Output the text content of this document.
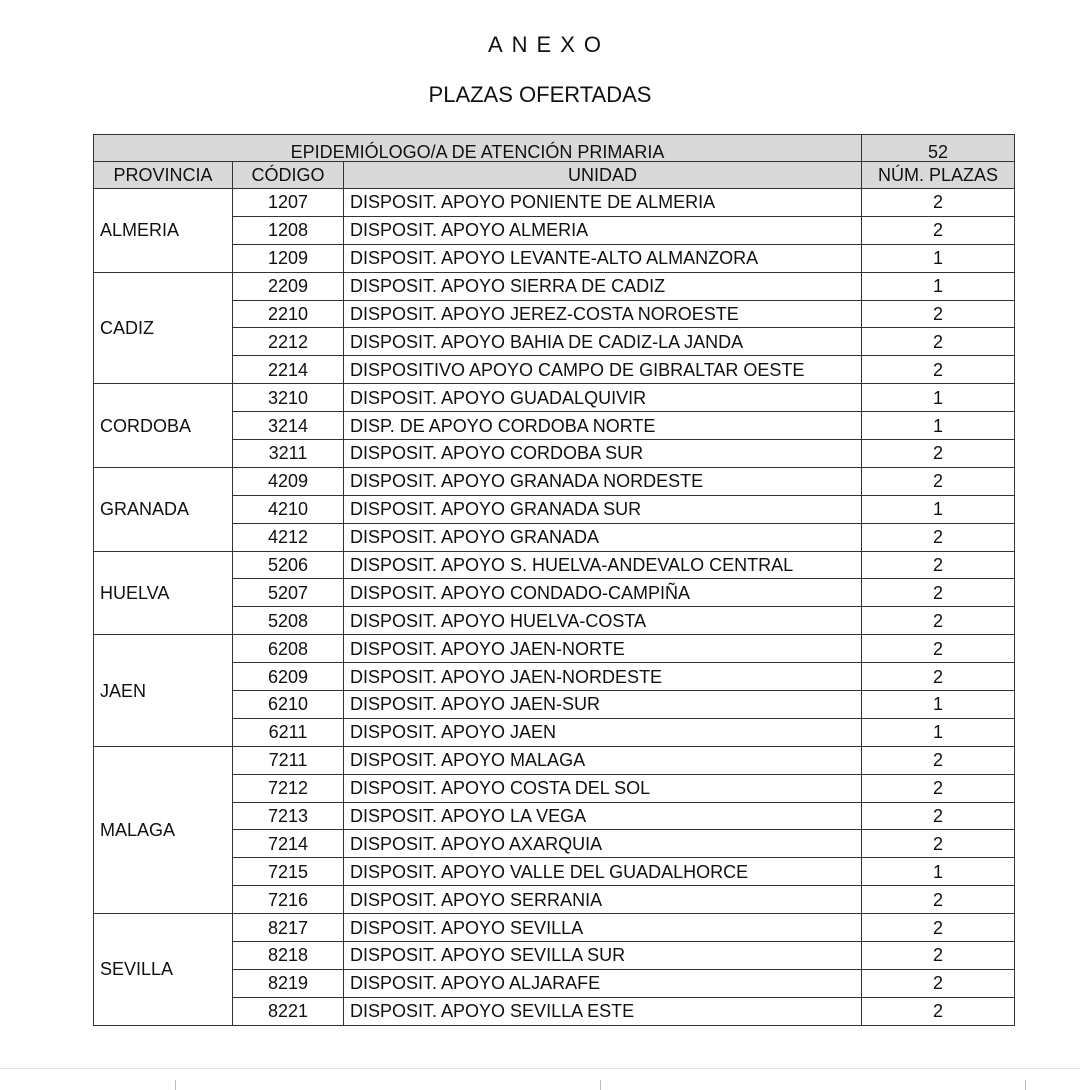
ANEXO
PLAZAS OFERTADAS
EPIDEMIÓLOGO/A DE ATENCIÓN PRIMARIA			52

PROVINCIA	CÓDIGO	UNIDAD	NÚM. PLAZAS
ALMERIA	1207	DISPOSIT. APOYO PONIENTE DE ALMERIA	2
	1208	DISPOSIT. APOYO ALMERIA	2
	1209	DISPOSIT. APOYO LEVANTE-ALTO ALMANZORA	1
CADIZ	2209	DISPOSIT. APOYO SIERRA DE CADIZ	1
	2210	DISPOSIT. APOYO JEREZ-COSTA NOROESTE	2
	2212	DISPOSIT. APOYO BAHIA DE CADIZ-LA JANDA	2
	2214	DISPOSITIVO APOYO CAMPO DE GIBRALTAR OESTE	2
CORDOBA	3210	DISPOSIT. APOYO GUADALQUIVIR	1
	3214	DISP. DE APOYO CORDOBA NORTE	1
	3211	DISPOSIT. APOYO CORDOBA SUR	2
GRANADA	4209	DISPOSIT. APOYO GRANADA NORDESTE	2
	4210	DISPOSIT. APOYO GRANADA SUR	1
	4212	DISPOSIT. APOYO GRANADA	2
HUELVA	5206	DISPOSIT. APOYO S. HUELVA-ANDEVALO CENTRAL	2
	5207	DISPOSIT. APOYO CONDADO-CAMPIÑA	2
	5208	DISPOSIT. APOYO HUELVA-COSTA	2
JAEN	6208	DISPOSIT. APOYO JAEN-NORTE	2
	6209	DISPOSIT. APOYO JAEN-NORDESTE	2
	6210	DISPOSIT. APOYO JAEN-SUR	1
	6211	DISPOSIT. APOYO JAEN	1
MALAGA	7211	DISPOSIT. APOYO MALAGA	2
	7212	DISPOSIT. APOYO COSTA DEL SOL	2
	7213	DISPOSIT. APOYO LA VEGA	2
	7214	DISPOSIT. APOYO AXARQUIA	2
	7215	DISPOSIT. APOYO VALLE DEL GUADALHORCE	1
	7216	DISPOSIT. APOYO SERRANIA	2
SEVILLA	8217	DISPOSIT. APOYO SEVILLA	2
	8218	DISPOSIT. APOYO SEVILLA SUR	2
	8219	DISPOSIT. APOYO ALJARAFE	2
	8221	DISPOSIT. APOYO SEVILLA ESTE	2
